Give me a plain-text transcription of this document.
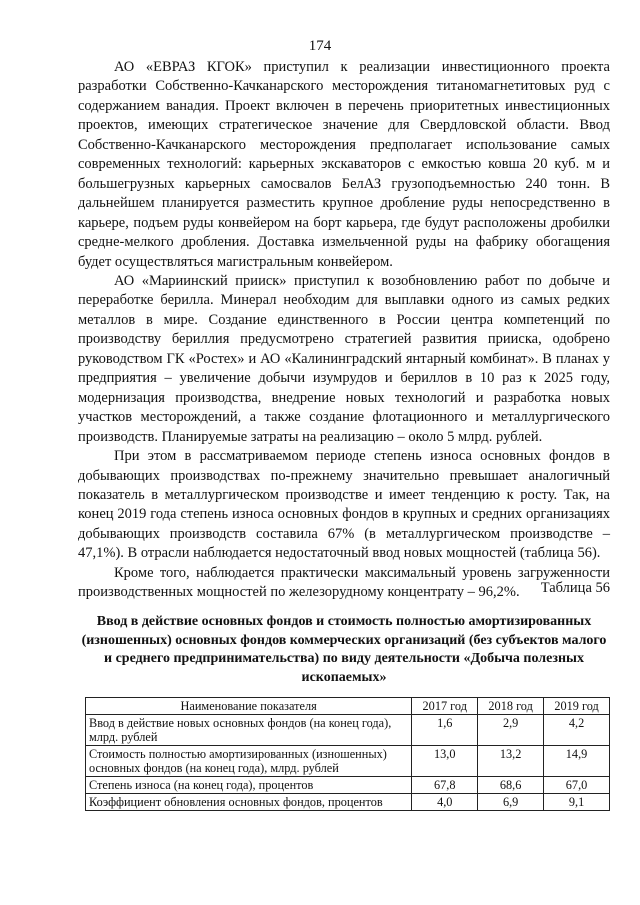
174

АО «ЕВРАЗ КГОК» приступил к реализации инвестиционного проекта разработки Собственно-Качканарского месторождения титаномагнетитовых руд с содержанием ванадия. Проект включен в перечень приоритетных инвестиционных проектов, имеющих стратегическое значение для Свердловской области. Ввод Собственно-Качканарского месторождения предполагает использование самых современных технологий: карьерных экскаваторов с емкостью ковша 20 куб. м и большегрузных карьерных самосвалов БелАЗ грузоподъемностью 240 тонн. В дальнейшем планируется разместить крупное дробление руды непосредственно в карьере, подъем руды конвейером на борт карьера, где будут расположены дробилки средне-мелкого дробления. Доставка измельченной руды на фабрику обогащения будет осуществляться магистральным конвейером.

АО «Мариинский прииск» приступил к возобновлению работ по добыче и переработке берилла. Минерал необходим для выплавки одного из самых редких металлов в мире. Создание единственного в России центра компетенций по производству бериллия предусмотрено стратегией развития прииска, одобрено руководством ГК «Ростех» и АО «Калининградский янтарный комбинат». В планах у предприятия – увеличение добычи изумрудов и бериллов в 10 раз к 2025 году, модернизация производства, внедрение новых технологий и разработка новых участков месторождений, а также создание флотационного и металлургического производств. Планируемые затраты на реализацию – около 5 млрд. рублей.

При этом в рассматриваемом периоде степень износа основных фондов в добывающих производствах по-прежнему значительно превышает аналогичный показатель в металлургическом производстве и имеет тенденцию к росту. Так, на конец 2019 года степень износа основных фондов в крупных и средних организациях добывающих производств составила 67% (в металлургическом производстве – 47,1%). В отрасли наблюдается недостаточный ввод новых мощностей (таблица 56).

Кроме того, наблюдается практически максимальный уровень загруженности производственных мощностей по железорудному концентрату – 96,2%.	Таблица 56
Ввод в действие основных фондов и стоимость полностью амортизированных (изношенных) основных фондов коммерческих организаций (без субъектов малого и среднего предпринимательства) по виду деятельности «Добыча полезных ископаемых»
Наименование показателя	2017 год	2018 год	2019 год
Ввод в действие новых основных фондов (на конец года), млрд. рублей	1,6	2,9	4,2
Стоимость полностью амортизированных (изношенных) основных фондов (на конец года), млрд. рублей	13,0	13,2	14,9
Степень износа (на конец года), процентов	67,8	68,6	67,0
Коэффициент обновления основных фондов, процентов	4,0	6,9	9,1
